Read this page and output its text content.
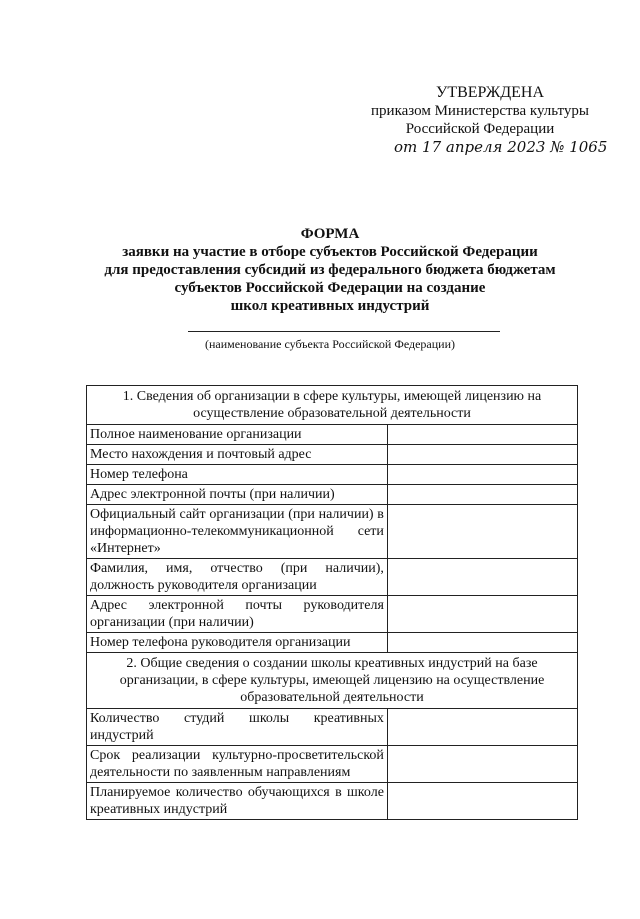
УТВЕРЖДЕНА
приказом Министерства культуры
Российской Федерации
от 17 апреля 2023 № 1065
ФОРМА
заявки на участие в отборе субъектов Российской Федерации
для предоставления субсидий из федерального бюджета бюджетам
субъектов Российской Федерации на создание
школ креативных индустрий
(наименование субъекта Российской Федерации)
1. Сведения об организации в сфере культуры, имеющей лицензию на осуществление образовательной деятельности	
Полное наименование организации	
Место нахождения и почтовый адрес	
Номер телефона	
Адрес электронной почты (при наличии)	
Официальный сайт организации (при наличии) в информационно-телекоммуникационной сети «Интернет»	
Фамилия, имя, отчество (при наличии), должность руководителя организации	
Адрес электронной почты руководителя организации (при наличии)	
Номер телефона руководителя организации	
2. Общие сведения о создании школы креативных индустрий на базе организации, в сфере культуры, имеющей лицензию на осуществление образовательной деятельности	
Количество студий школы креативных индустрий	
Срок реализации культурно-просветительской деятельности по заявленным направлениям	
Планируемое количество обучающихся в школе креативных индустрий	
